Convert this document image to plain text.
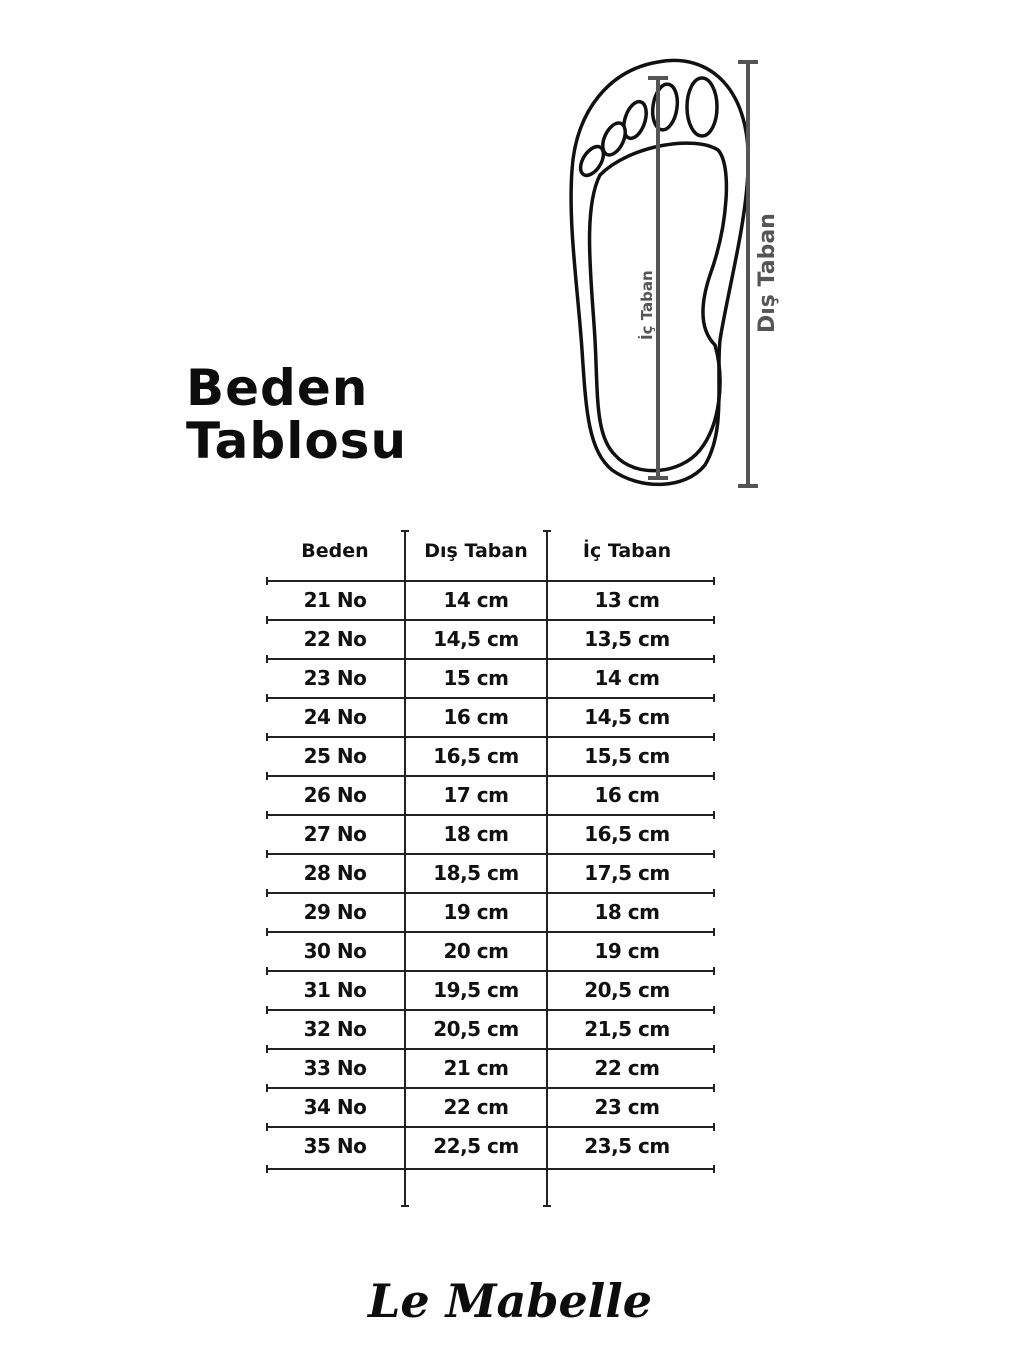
Beden
Tablosu
İç Taban	Dış Taban
Beden	Dış Taban	İç Taban
21 No	14 cm	13 cm
22 No	14,5 cm	13,5 cm
23 No	15 cm	14 cm
24 No	16 cm	14,5 cm
25 No	16,5 cm	15,5 cm
26 No	17 cm	16 cm
27 No	18 cm	16,5 cm
28 No	18,5 cm	17,5 cm
29 No	19 cm	18 cm
30 No	20 cm	19 cm
31 No	19,5 cm	20,5 cm
32 No	20,5 cm	21,5 cm
33 No	21 cm	22 cm
34 No	22 cm	23 cm
35 No	22,5 cm	23,5 cm
Le Mabelle
